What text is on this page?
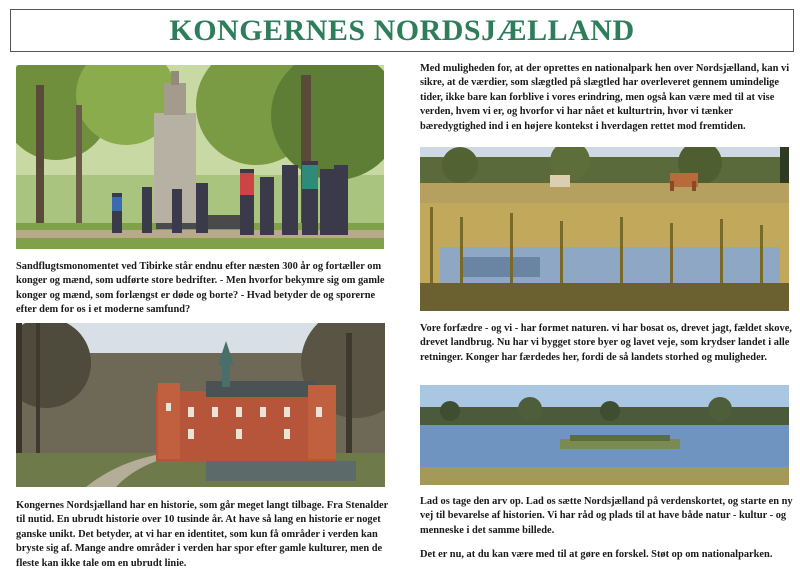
KONGERNES NORDSJÆLLAND

Sandflugtsmonomentet ved Tibirke står endnu efter næsten 300 år og fortæller om konger og mænd, som udførte store bedrifter. - Men hvorfor bekymre sig om gamle konger og mænd, som forlængst er døde og borte? - Hvad betyder de og sporerne efter dem for os i et moderne samfund?

Kongernes Nordsjælland har en historie, som går meget langt tilbage. Fra Stenalder til nutid. En ubrudt historie over 10 tusinde år. At have så lang en historie er noget ganske unikt. Det betyder, at vi har en identitet, som kun få områder i verden kan bryste sig af. Mange andre områder i verden har spor efter gamle kulturer, men de fleste kan ikke tale om en ubrudt linie.

Med muligheden for, at der oprettes en nationalpark hen over Nordsjælland, kan vi sikre, at de værdier, som slægtled på slægtled har overleveret gennem umindelige tider, ikke bare kan forblive i vores erindring, men også kan være med til at vise verden, hvem vi er, og hvorfor vi har nået et kulturtrin, hvor vi tænker bæredygtighed ind i en højere kontekst i hverdagen rettet mod fremtiden.

Vore forfædre - og vi - har formet naturen. vi har bosat os, drevet jagt, fældet skove, drevet landbrug. Nu har vi bygget store byer og lavet veje, som krydser landet i alle retninger. Konger har færdedes her, fordi de så landets storhed og muligheder.

Lad os tage den arv op. Lad os sætte Nordsjælland på verdenskortet, og starte en ny vej til bevarelse af historien. Vi har råd og plads til at have både natur - kultur - og menneske i det samme billede.

Det er nu, at du kan være med til at gøre en forskel. Støt op om nationalparken.
